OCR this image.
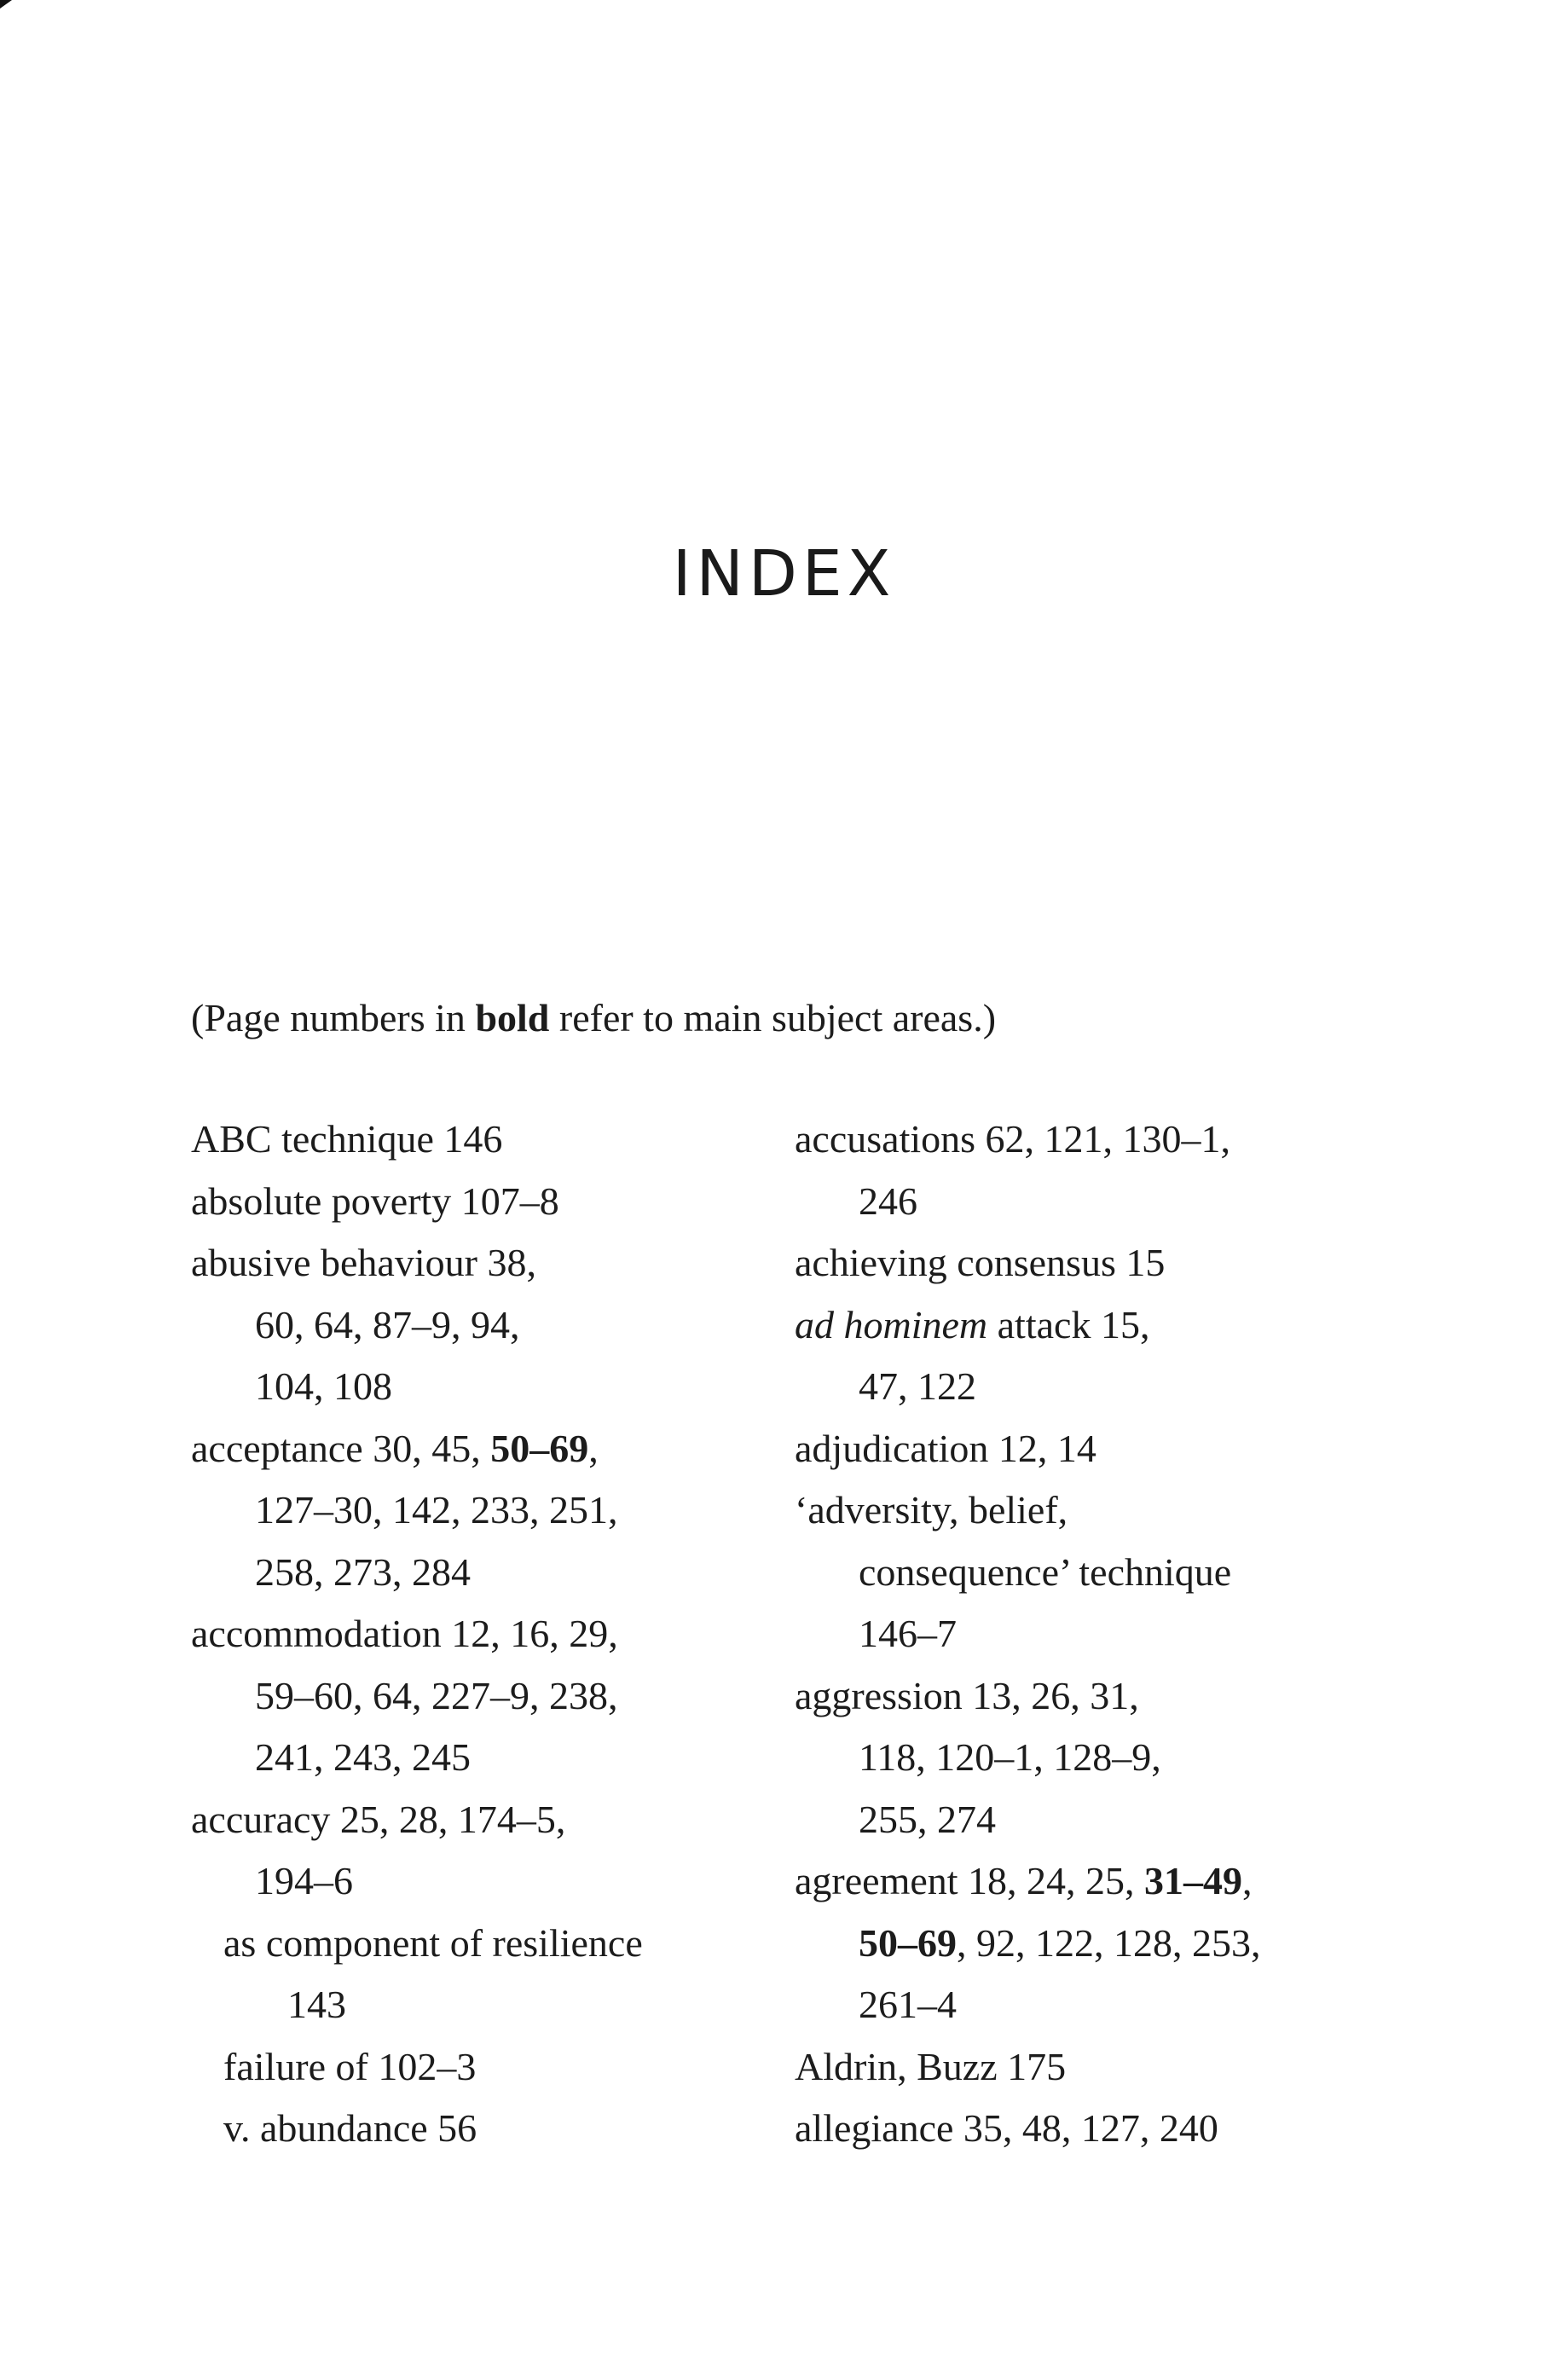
INDEX
(Page numbers in bold refer to main subject areas.)
ABC technique 146
absolute poverty 107–8
abusive behaviour 38,
60, 64, 87–9, 94,
104, 108
acceptance 30, 45, 50–69,
127–30, 142, 233, 251,
258, 273, 284
accommodation 12, 16, 29,
59–60, 64, 227–9, 238,
241, 243, 245
accuracy 25, 28, 174–5,
194–6
as component of resilience
143
failure of 102–3
v. abundance 56
accusations 62, 121, 130–1,
246
achieving consensus 15
ad hominem attack 15,
47, 122
adjudication 12, 14
‘adversity, belief,
consequence’ technique
146–7
aggression 13, 26, 31,
118, 120–1, 128–9,
255, 274
agreement 18, 24, 25, 31–49,
50–69, 92, 122, 128, 253,
261–4
Aldrin, Buzz 175
allegiance 35, 48, 127, 240
